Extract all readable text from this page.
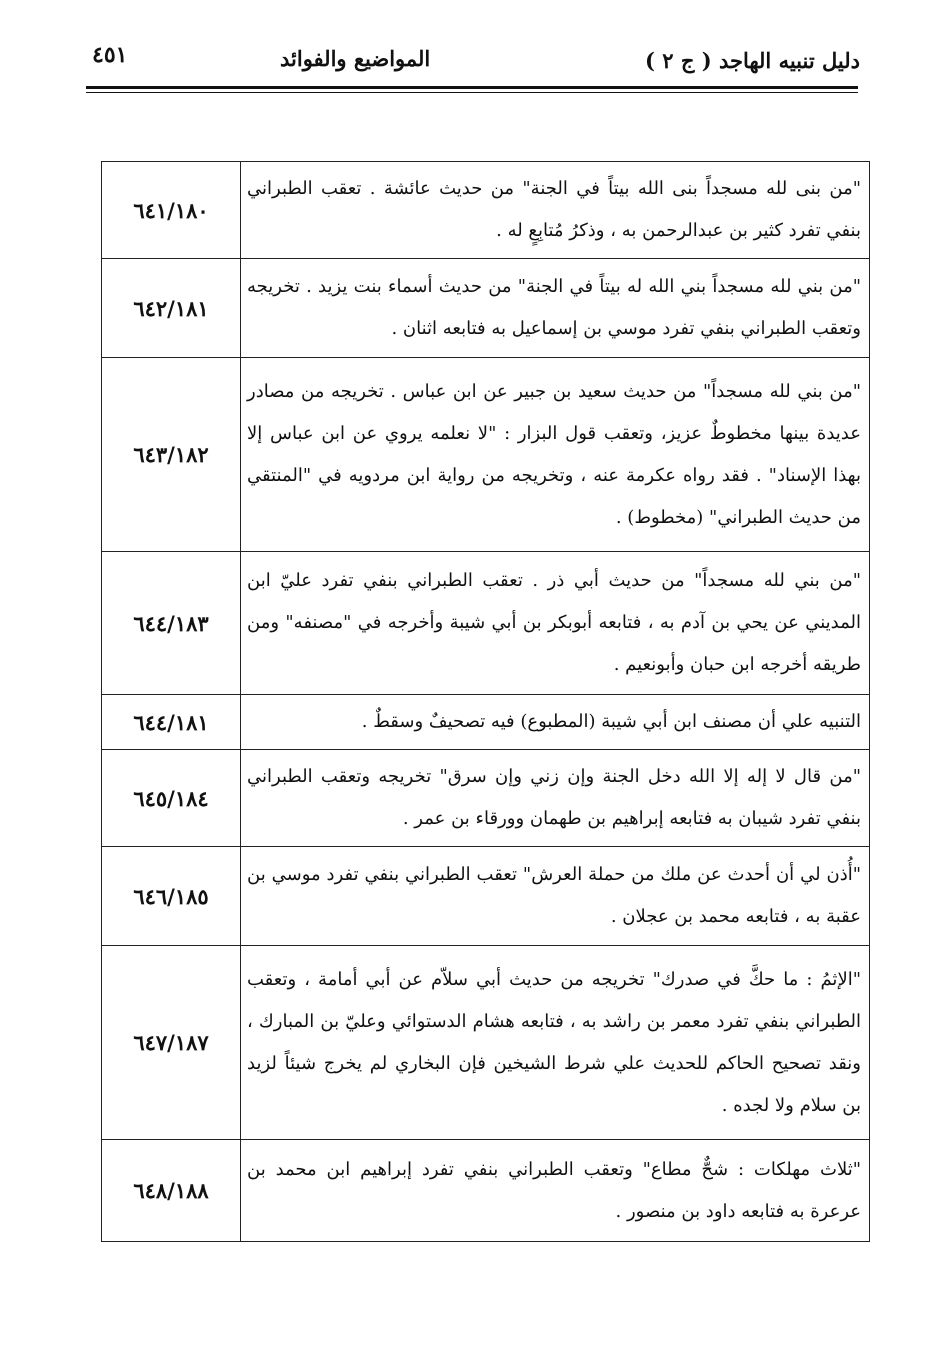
دليل تنبيه الهاجد ( ج ٢ )
المواضيع والفوائد
٤٥١
"من بنى لله مسجداً بنى الله بيتاً في الجنة" من حديث عائشة . تعقب الطبراني بنفي تفرد كثير بن عبدالرحمن به ، وذكرُ مُتابِعٍ له .	٦٤١/١٨٠
"من بني لله مسجداً بني الله له بيتاً في الجنة" من حديث أسماء بنت يزيد . تخريجه وتعقب الطبراني بنفي تفرد موسي بن إسماعيل به فتابعه اثنان .	٦٤٢/١٨١
"من بني لله مسجداً" من حديث سعيد بن جبير عن ابن عباس . تخريجه من مصادر عديدة بينها مخطوطٌ عزيز، وتعقب قول البزار : "لا نعلمه يروي عن ابن عباس إلا بهذا الإسناد" . فقد رواه عكرمة عنه ، وتخريجه من رواية ابن مردويه في "المنتقي من حديث الطبراني" (مخطوط) .	٦٤٣/١٨٢
"من بني لله مسجداً" من حديث أبي ذر . تعقب الطبراني بنفي تفرد عليّ ابن المديني عن يحي بن آدم به ، فتابعه أبوبكر بن أبي شيبة وأخرجه في "مصنفه" ومن طريقه أخرجه ابن حبان وأبونعيم .	٦٤٤/١٨٣
التنبيه علي أن مصنف ابن أبي شيبة (المطبوع) فيه تصحيفٌ وسقطٌ .	٦٤٤/١٨١
"من قال لا إله إلا الله دخل الجنة وإن زني وإن سرق" تخريجه وتعقب الطبراني بنفي تفرد شيبان به فتابعه إبراهيم بن طهمان وورقاء بن عمر .	٦٤٥/١٨٤
"أُذن لي أن أحدث عن ملك من حملة العرش" تعقب الطبراني بنفي تفرد موسي بن عقبة به ، فتابعه محمد بن عجلان .	٦٤٦/١٨٥
"الإثمُ : ما حكَّ في صدرك" تخريجه من حديث أبي سلاّم عن أبي أمامة ، وتعقب الطبراني بنفي تفرد معمر بن راشد به ، فتابعه هشام الدستوائي وعليّ بن المبارك ، ونقد تصحيح الحاكم للحديث علي شرط الشيخين فإن البخاري لم يخرج شيئاً لزيد بن سلام ولا لجده .	٦٤٧/١٨٧
"ثلاث مهلكات : شحٌّ مطاع" وتعقب الطبراني بنفي تفرد إبراهيم ابن محمد بن عرعرة به فتابعه داود بن منصور .	٦٤٨/١٨٨
